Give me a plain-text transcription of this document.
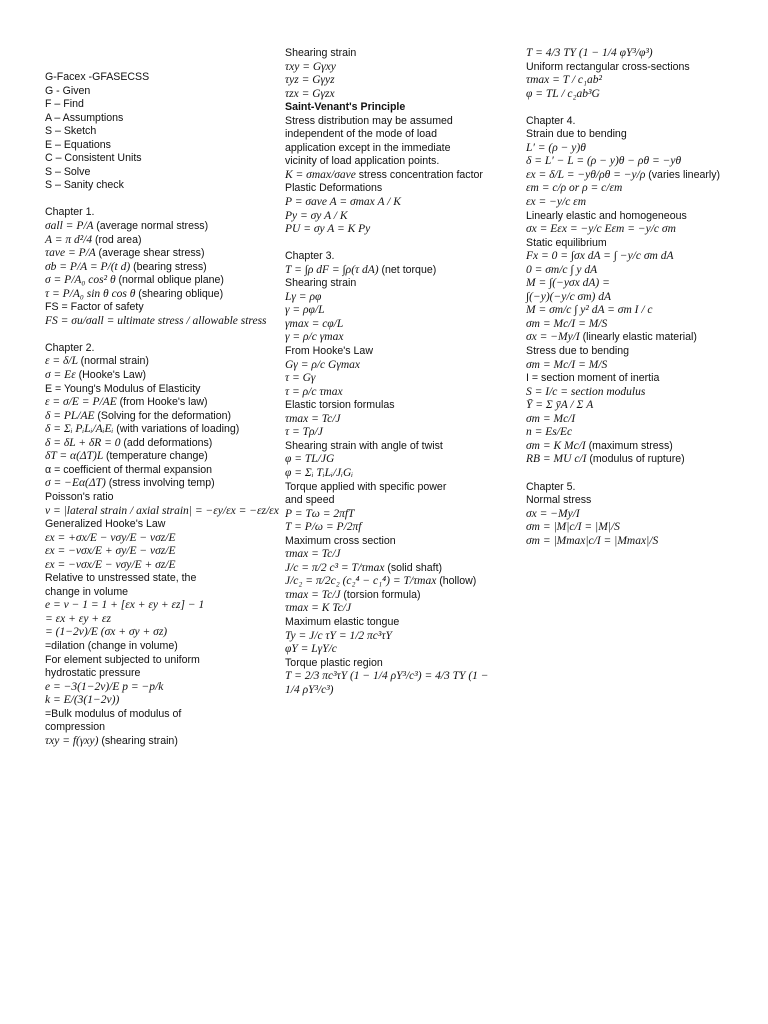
G-Facex -GFASECSS
G - Given
F – Find
A – Assumptions
S – Sketch
E – Equations
C – Consistent Units
S – Solve
S – Sanity check
Chapter 1.
σall = P/A (average normal stress)
A = π d²/4 (rod area)
τave = P/A (average shear stress)
σb = P/A = P/(t d) (bearing stress)
σ = P/A₀ cos² θ (normal oblique plane)
τ = P/A₀ sin θ cos θ (shearing oblique)
FS = Factor of safety
FS = σu/σall = ultimate stress / allowable stress
Chapter 2.
ε = δ/L (normal strain)
σ = Eε (Hooke's Law)
E = Young's Modulus of Elasticity
ε = σ/E = P/AE (from Hooke's law)
δ = PL/AE (Solving for the deformation)
δ = Σᵢ PᵢLᵢ/AᵢEᵢ (with variations of loading)
δ = δL + δR = 0 (add deformations)
δT = α(ΔT)L (temperature change)
α = coefficient of thermal expansion
σ = −Eα(ΔT) (stress involving temp)
Poisson's ratio
ν = |lateral strain / axial strain| = −εy/εx = −εz/εx
Generalized Hooke's Law
εx = +σx/E − νσy/E − νσz/E
εx = −νσx/E + σy/E − νσz/E
εx = −νσx/E − νσy/E + σz/E
Relative to unstressed state, the
change in volume
e = ν − 1 = 1 + [εx + εy + εz] − 1
= εx + εy + εz
= (1−2ν)/E (σx + σy + σz)
=dilation (change in volume)
For element subjected to uniform
hydrostatic pressure
e = −3(1−2ν)/E p = −p/k
k = E/(3(1−2ν))
=Bulk modulus of modulus of
compression
τxy = f(γxy) (shearing strain)
Shearing strain
τxy = Gγxy
τyz = Gγyz
τzx = Gγzx
Saint-Venant's Principle
Stress distribution may be assumed
independent of the mode of load
application except in the immediate
vicinity of load application points.
K = σmax/σave stress concentration factor
Plastic Deformations
P = σave A = σmax A / K
Py = σy A / K
PU = σy A = K Py
Chapter 3.
T = ∫ρ dF = ∫ρ(τ dA) (net torque)
Shearing strain
Lγ = ρφ
γ = ρφ/L
γmax = cφ/L
γ = ρ/c γmax
From Hooke's Law
Gγ = ρ/c Gγmax
τ = Gγ
τ = ρ/c τmax
Elastic torsion formulas
τmax = Tc/J
τ = Tρ/J
Shearing strain with angle of twist
φ = TL/JG
φ = Σᵢ TᵢLᵢ/JᵢGᵢ
Torque applied with specific power
and speed
P = Tω = 2πfT
T = P/ω = P/2πf
Maximum cross section
τmax = Tc/J
J/c = π/2 c³ = T/τmax (solid shaft)
J/c₂ = π/2c₂ (c₂⁴ − c₁⁴) = T/τmax (hollow)
τmax = Tc/J (torsion formula)
τmax = K Tc/J
Maximum elastic tongue
Ty = J/c τY = 1/2 πc³τY
φY = LγY/c
Torque plastic region
T = 2/3 πc³τY (1 − 1/4 ρY³/c³) = 4/3 TY (1 −
1/4 ρY³/c³)
T = 4/3 TY (1 − 1/4 φY³/φ³)
Uniform rectangular cross-sections
τmax = T / c₁ab²
φ = TL / c₂ab³G
Chapter 4.
Strain due to bending
L′ = (ρ − y)θ
δ = L′ − L = (ρ − y)θ − ρθ = −yθ
εx = δ/L = −yθ/ρθ = −y/ρ (varies linearly)
εm = c/ρ or ρ = c/εm
εx = −y/c εm
Linearly elastic and homogeneous
σx = Eεx = −y/c Eεm = −y/c σm
Static equilibrium
Fx = 0 = ∫σx dA = ∫ −y/c σm dA
0 = σm/c ∫ y dA
M = ∫(−yσx dA) =
∫(−y)(−y/c σm) dA
M = σm/c ∫ y² dA = σm I / c
σm = Mc/I = M/S
σx = −My/I (linearly elastic material)
Stress due to bending
σm = Mc/I = M/S
I = section moment of inertia
S = I/c = section modulus
Ȳ = Σ ȳA / Σ A
σm = Mc/I
n = Es/Ec
σm = K Mc/I (maximum stress)
RB = MU c/I (modulus of rupture)
Chapter 5.
Normal stress
σx = −My/I
σm = |M|c/I = |M|/S
σm = |Mmax|c/I = |Mmax|/S
